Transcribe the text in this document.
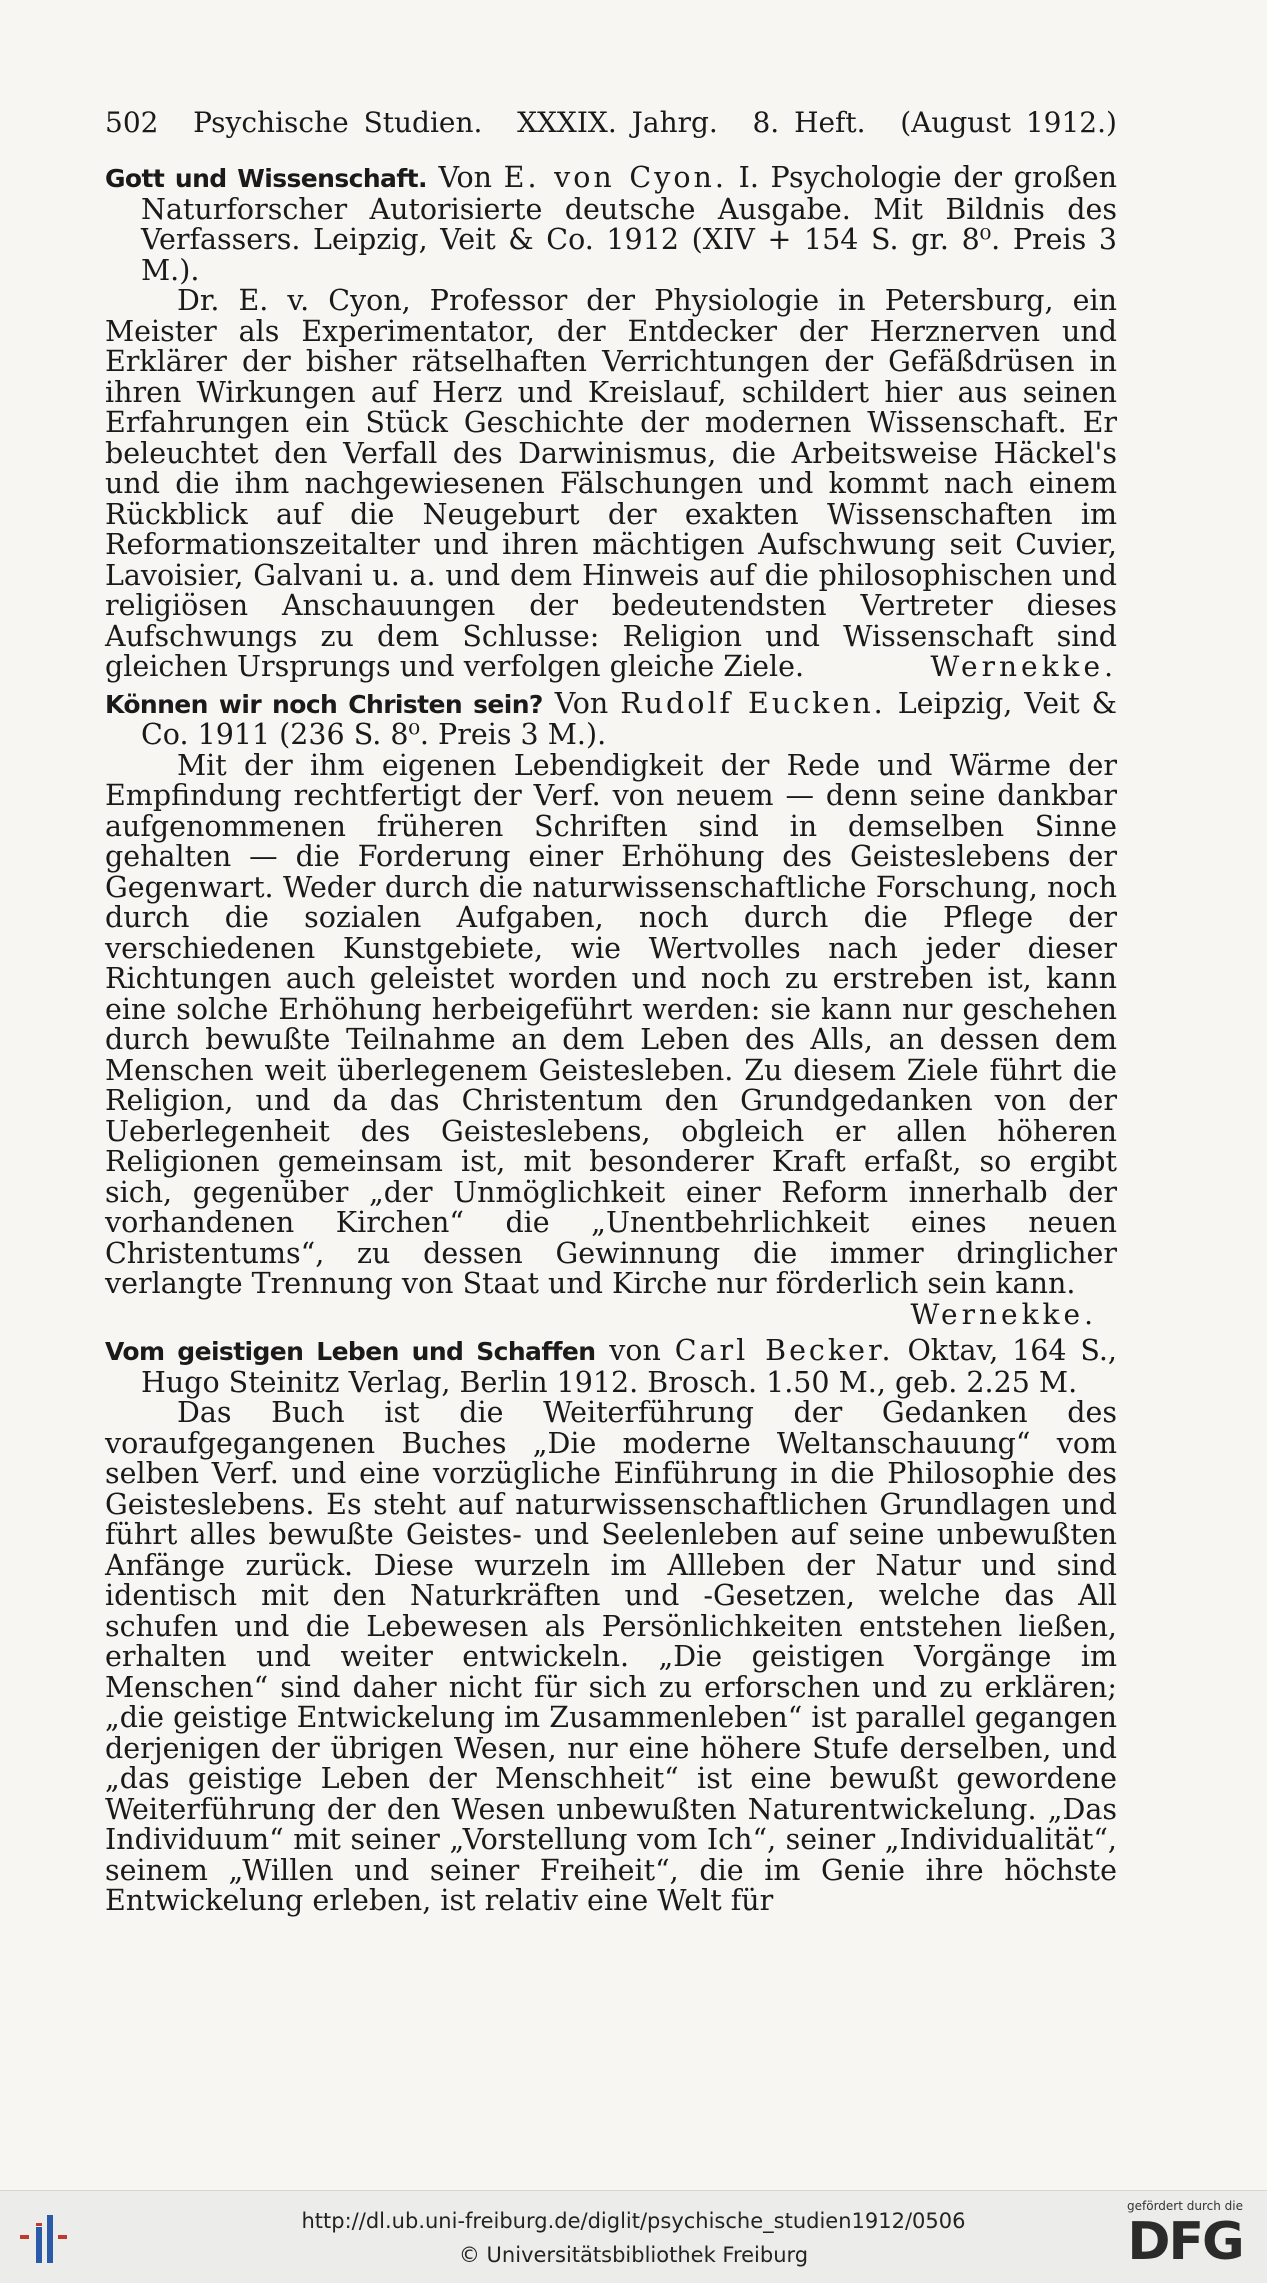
502 Psychische Studien. XXXIX. Jahrg. 8. Heft. (August 1912.)
Gott und Wissenschaft. Von E. von Cyon. I. Psychologie der großen Naturforscher Autorisierte deutsche Ausgabe. Mit Bildnis des Verfassers. Leipzig, Veit & Co. 1912 (XIV + 154 S. gr. 8⁰. Preis 3 M.).

Dr. E. v. Cyon, Professor der Physiologie in Petersburg, ein Meister als Experimentator, der Entdecker der Herznerven und Erklärer der bisher rätselhaften Verrichtungen der Gefäßdrüsen in ihren Wirkungen auf Herz und Kreislauf, schildert hier aus seinen Erfahrungen ein Stück Geschichte der modernen Wissenschaft. Er beleuchtet den Verfall des Darwinismus, die Arbeitsweise Häckel's und die ihm nachgewiesenen Fälschungen und kommt nach einem Rückblick auf die Neugeburt der exakten Wissenschaften im Reformationszeitalter und ihren mächtigen Aufschwung seit Cuvier, Lavoisier, Galvani u. a. und dem Hinweis auf die philosophischen und religiösen Anschauungen der bedeutendsten Vertreter dieses Aufschwungs zu dem Schlusse: Religion und Wissenschaft sind gleichen Ursprungs und verfolgen gleiche Ziele.	Wernekke.

Können wir noch Christen sein? Von Rudolf Eucken. Leipzig, Veit & Co. 1911 (236 S. 8⁰. Preis 3 M.).

Mit der ihm eigenen Lebendigkeit der Rede und Wärme der Empfindung rechtfertigt der Verf. von neuem — denn seine dankbar aufgenommenen früheren Schriften sind in demselben Sinne gehalten — die Forderung einer Erhöhung des Geisteslebens der Gegenwart. Weder durch die naturwissenschaftliche Forschung, noch durch die sozialen Aufgaben, noch durch die Pflege der verschiedenen Kunstgebiete, wie Wertvolles nach jeder dieser Richtungen auch geleistet worden und noch zu erstreben ist, kann eine solche Erhöhung herbeigeführt werden: sie kann nur geschehen durch bewußte Teilnahme an dem Leben des Alls, an dessen dem Menschen weit überlegenem Geistesleben. Zu diesem Ziele führt die Religion, und da das Christentum den Grundgedanken von der Ueberlegenheit des Geisteslebens, obgleich er allen höheren Religionen gemeinsam ist, mit besonderer Kraft erfaßt, so ergibt sich, gegenüber „der Unmöglichkeit einer Reform innerhalb der vorhandenen Kirchen“ die „Unentbehrlichkeit eines neuen Christentums“, zu dessen Gewinnung die immer dringlicher verlangte Trennung von Staat und Kirche nur förderlich sein kann.

Wernekke.
Vom geistigen Leben und Schaffen von Carl Becker. Oktav, 164 S., Hugo Steinitz Verlag, Berlin 1912. Brosch. 1.50 M., geb. 2.25 M.

Das Buch ist die Weiterführung der Gedanken des voraufgegangenen Buches „Die moderne Weltanschauung“ vom selben Verf. und eine vorzügliche Einführung in die Philosophie des Geisteslebens. Es steht auf naturwissenschaftlichen Grundlagen und führt alles bewußte Geistes- und Seelenleben auf seine unbewußten Anfänge zurück. Diese wurzeln im Allleben der Natur und sind identisch mit den Naturkräften und -Gesetzen, welche das All schufen und die Lebewesen als Persönlichkeiten entstehen ließen, erhalten und weiter entwickeln. „Die geistigen Vorgänge im Menschen“ sind daher nicht für sich zu erforschen und zu erklären; „die geistige Entwickelung im Zusammenleben“ ist parallel gegangen derjenigen der übrigen Wesen, nur eine höhere Stufe derselben, und „das geistige Leben der Menschheit“ ist eine bewußt gewordene Weiterführung der den Wesen unbewußten Naturentwickelung. „Das Individuum“ mit seiner „Vorstellung vom Ich“, seiner „Individualität“, seinem „Willen und seiner Freiheit“, die im Genie ihre höchste Entwickelung erleben, ist relativ eine Welt für

http://dl.ub.uni-freiburg.de/diglit/psychische_studien1912/0506
© Universitätsbibliothek Freiburg
gefördert durch die
DFG
